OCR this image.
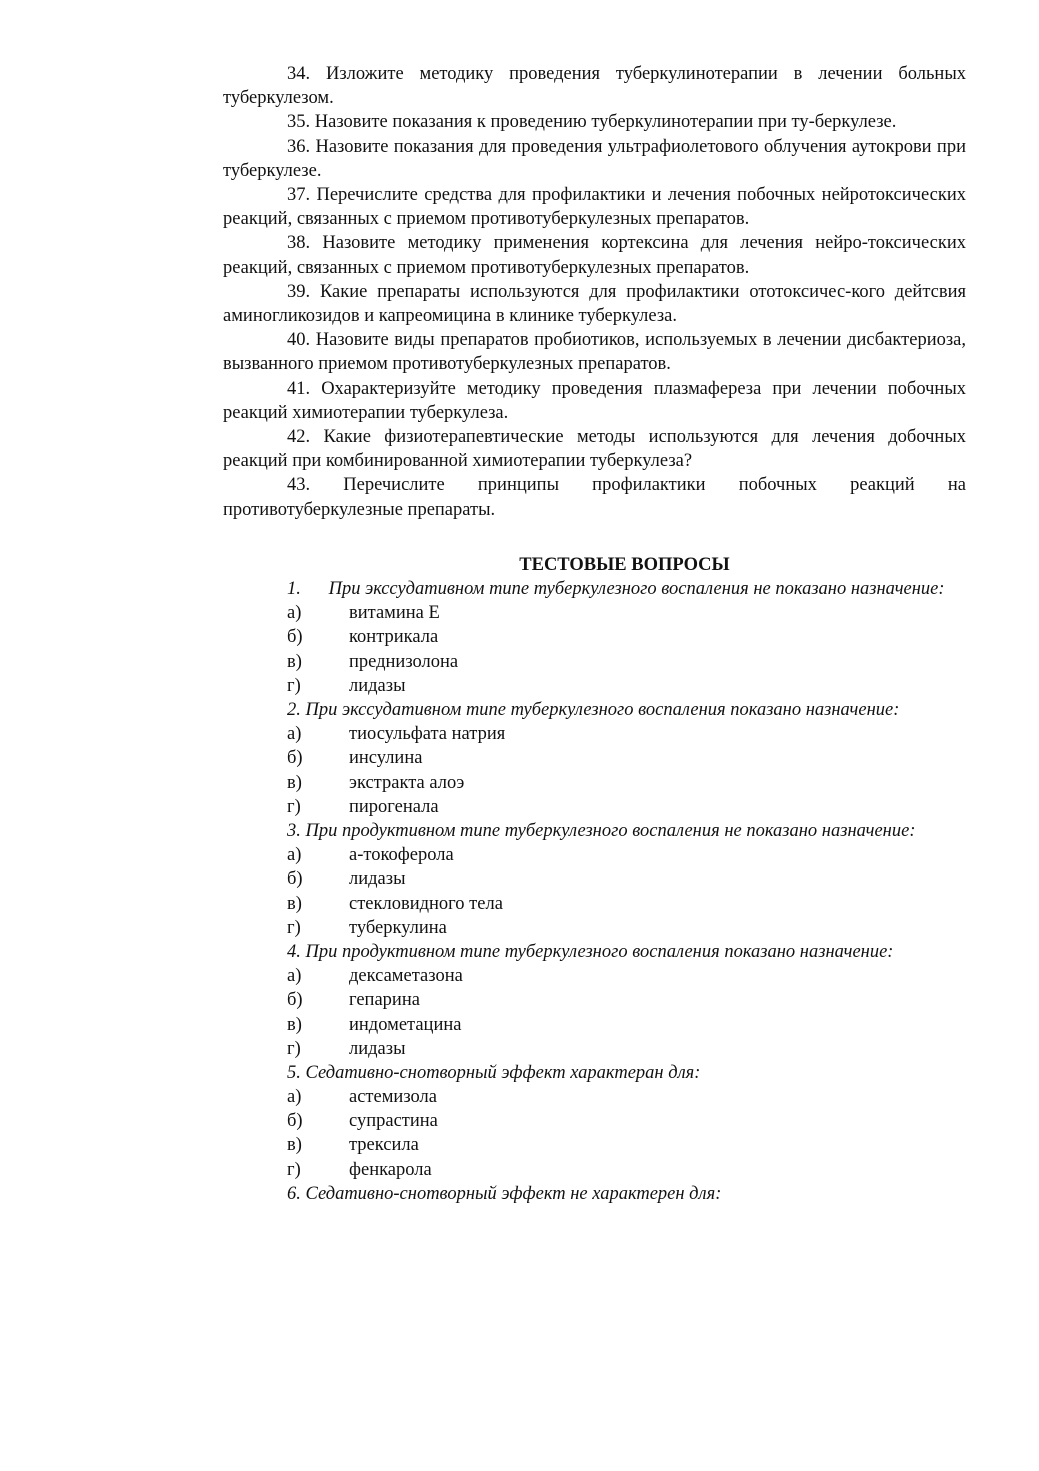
34. Изложите методику проведения туберкулинотерапии в лечении больных туберкулезом.

35. Назовите показания к проведению туберкулинотерапии при ту-беркулезе.

36. Назовите показания для проведения ультрафиолетового облучения аутокрови при туберкулезе.

37. Перечислите средства для профилактики и лечения побочных нейротоксических реакций, связанных с приемом противотуберкулезных препаратов.

38. Назовите методику применения кортексина для лечения нейро-токсических реакций, связанных с приемом противотуберкулезных препаратов.

39. Какие препараты используются для профилактики ототоксичес-кого дейтсвия аминогликозидов и капреомицина в клинике туберкулеза.

40. Назовите виды препаратов пробиотиков, используемых в лечении дисбактериоза, вызванного приемом противотуберкулезных препаратов.

41. Охарактеризуйте методику проведения плазмафереза при лечении побочных реакций химиотерапии туберкулеза.

42. Какие физиотерапевтические методы используются для лечения добочных реакций при комбинированной химиотерапии туберкулеза?

43. Перечислите принципы профилактики побочных реакций на противотуберкулезные препараты.

ТЕСТОВЫЕ ВОПРОСЫ

1.      При экссудативном типе туберкулезного воспаления не показано назначение:

а)	витамина Е
б)	контрикала
в)	преднизолона
г)	лидазы

2. При экссудативном типе туберкулезного воспаления показано назначение:

а)	тиосульфата натрия
б)	инсулина
в)	экстракта алоэ
г)	пирогенала

3. При продуктивном типе туберкулезного воспаления не показано назначение:

а)	а-токоферола
б)	лидазы
в)	стекловидного тела
г)	туберкулина

4. При продуктивном типе туберкулезного воспаления показано назначение:

а)	дексаметазона
б)	гепарина
в)	индометацина
г)	лидазы

5. Седативно-снотворный эффект характеран для:

а)	астемизола
б)	супрастина
в)	трексила
г)	фенкарола

6. Седативно-снотворный эффект не характерен для:
